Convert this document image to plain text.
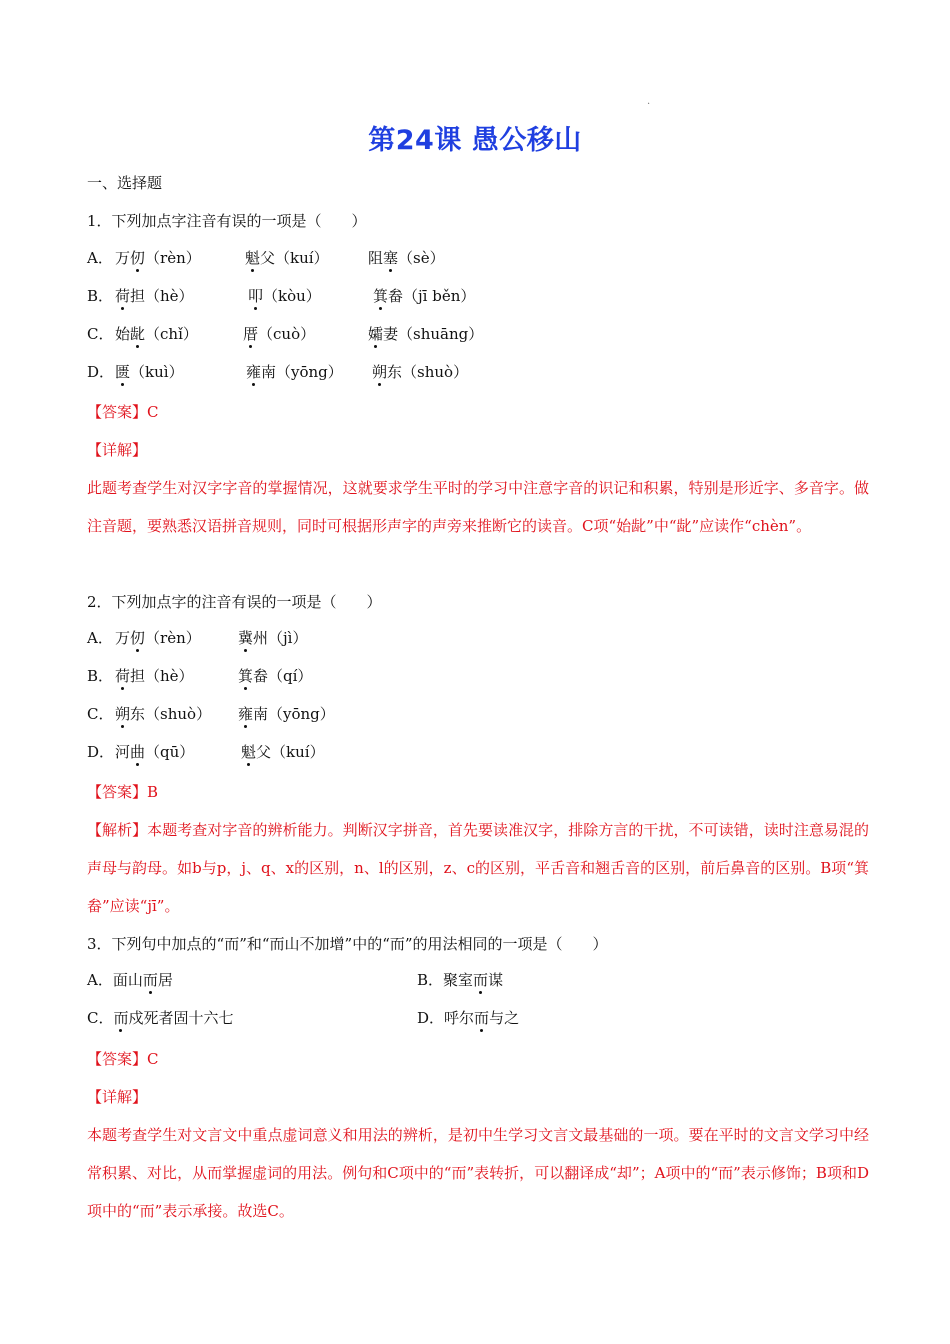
.
第24课 愚公移山
一、选择题
1．下列加点字注音有误的一项是（　　）
A． 万仞（rèn）	魁父（kuí）	阻塞（sè）
B． 荷担（hè）	叩（kòu）	箕畚（jī běn）
C． 始龀（chǐ）	厝（cuò）	孀妻（shuāng）
D． 匮（kuì）	雍南（yōng） 朔东（shuò）
【答案】C
【详解】
此题考查学生对汉字字音的掌握情况，这就要求学生平时的学习中注意字音的识记和积累，特别是形近字、多音字。做注音题，要熟悉汉语拼音规则，同时可根据形声字的声旁来推断它的读音。C项“始龀”中“龀”应读作“chèn”。
2．下列加点字的注音有误的一项是（　　）
A． 万仞（rèn） 冀州（jì）
B． 荷担（hè）	箕畚（qí）
C． 朔东（shuò） 雍南（yōng）
D． 河曲（qū）	魁父（kuí）
【答案】B
【解析】本题考查对字音的辨析能力。判断汉字拼音，首先要读准汉字，排除方言的干扰，不可读错，读时注意易混的声母与韵母。如b与p，j、q、x的区别，n、l的区别，z、c的区别，平舌音和翘舌音的区别，前后鼻音的区别。B项“箕畚”应读“jī”。
3．下列句中加点的“而”和“而山不加增”中的“而”的用法相同的一项是（　　）
A．面山而居	B．聚室而谋
C．而戍死者固十六七	D．呼尔而与之
【答案】C
【详解】
本题考查学生对文言文中重点虚词意义和用法的辨析，是初中生学习文言文最基础的一项。要在平时的文言文学习中经常积累、对比，从而掌握虚词的用法。例句和C项中的“而”表转折，可以翻译成“却”；A项中的“而”表示修饰；B项和D项中的“而”表示承接。故选C。
